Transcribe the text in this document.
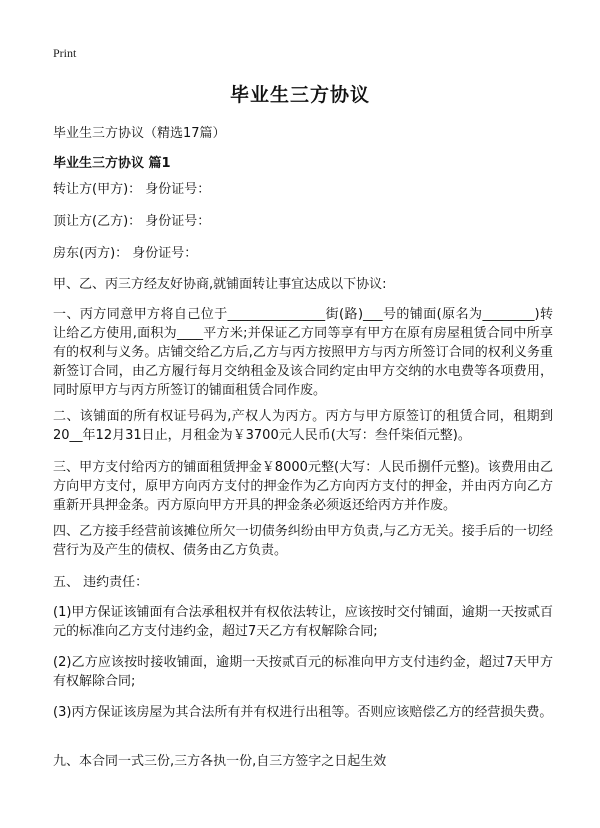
Print
毕业生三方协议
毕业生三方协议（精选17篇）
毕业生三方协议 篇1
转让方(甲方)： 身份证号：
顶让方(乙方)： 身份证号：
房东(丙方)： 身份证号：
甲、乙、丙三方经友好协商,就铺面转让事宜达成以下协议:
一、丙方同意甲方将自己位于_______________街(路)___号的铺面(原名为________)转让给乙方使用,面积为____平方米;并保证乙方同等享有甲方在原有房屋租赁合同中所享有的权利与义务。店铺交给乙方后,乙方与丙方按照甲方与丙方所签订合同的权利义务重新签订合同，由乙方履行每月交纳租金及该合同约定由甲方交纳的水电费等各项费用，同时原甲方与丙方所签订的铺面租赁合同作废。
二、该铺面的所有权证号码为,产权人为丙方。丙方与甲方原签订的租赁合同，租期到20__年12月31日止，月租金为￥3700元人民币(大写：叁仟柒佰元整)。
三、甲方支付给丙方的铺面租赁押金￥8000元整(大写：人民币捌仟元整)。该费用由乙方向甲方支付，原甲方向丙方支付的押金作为乙方向丙方支付的押金，并由丙方向乙方重新开具押金条。丙方原向甲方开具的押金条必须返还给丙方并作废。
四、乙方接手经营前该摊位所欠一切债务纠纷由甲方负责,与乙方无关。接手后的一切经营行为及产生的债权、债务由乙方负责。
五、 违约责任：
(1)甲方保证该铺面有合法承租权并有权依法转让，应该按时交付铺面，逾期一天按贰百元的标准向乙方支付违约金，超过7天乙方有权解除合同;
(2)乙方应该按时接收铺面，逾期一天按贰百元的标准向甲方支付违约金，超过7天甲方有权解除合同;
(3)丙方保证该房屋为其合法所有并有权进行出租等。否则应该赔偿乙方的经营损失费。
九、本合同一式三份,三方各执一份,自三方签字之日起生效
